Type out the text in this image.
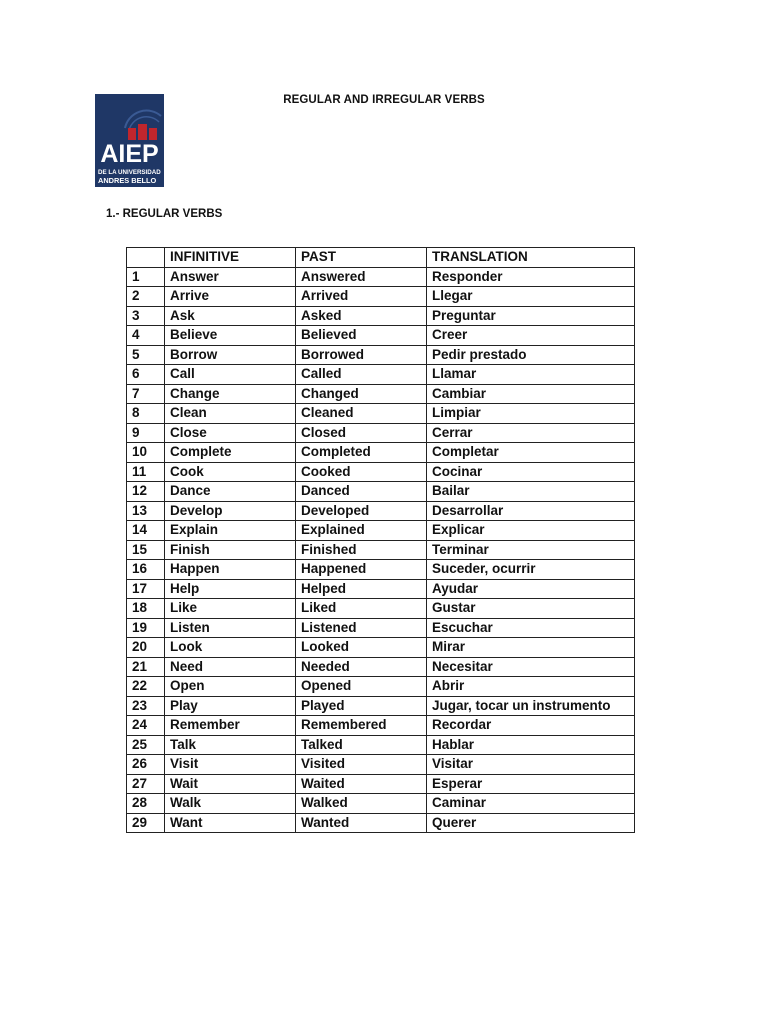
AIEP
DE LA UNIVERSIDAD
ANDRES BELLO
REGULAR AND IRREGULAR VERBS
1.- REGULAR VERBS
	INFINITIVE	PAST	TRANSLATION
1	Answer	Answered	Responder
2	Arrive	Arrived	Llegar
3	Ask	Asked	Preguntar
4	Believe	Believed	Creer
5	Borrow	Borrowed	Pedir prestado
6	Call	Called	Llamar
7	Change	Changed	Cambiar
8	Clean	Cleaned	Limpiar
9	Close	Closed	Cerrar
10	Complete	Completed	Completar
11	Cook	Cooked	Cocinar
12	Dance	Danced	Bailar
13	Develop	Developed	Desarrollar
14	Explain	Explained	Explicar
15	Finish	Finished	Terminar
16	Happen	Happened	Suceder, ocurrir
17	Help	Helped	Ayudar
18	Like	Liked	Gustar
19	Listen	Listened	Escuchar
20	Look	Looked	Mirar
21	Need	Needed	Necesitar
22	Open	Opened	Abrir
23	Play	Played	Jugar, tocar un instrumento
24	Remember	Remembered	Recordar
25	Talk	Talked	Hablar
26	Visit	Visited	Visitar
27	Wait	Waited	Esperar
28	Walk	Walked	Caminar
29	Want	Wanted	Querer
